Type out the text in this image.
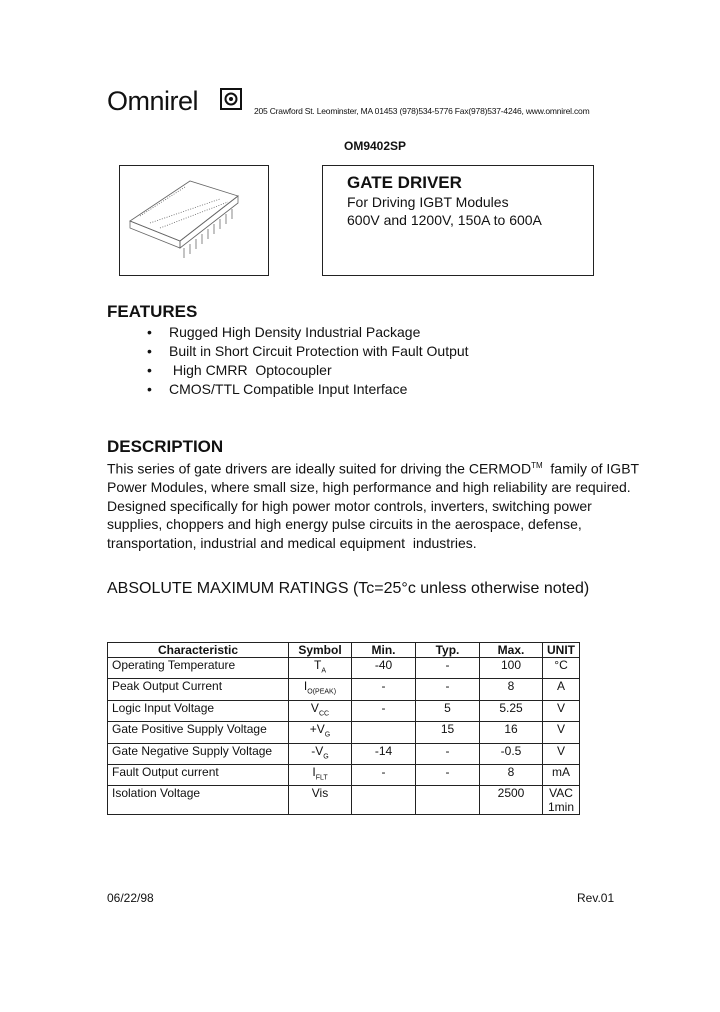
Omnirel	205 Crawford St. Leominster, MA 01453 (978)534-5776 Fax(978)537-4246, www.omnirel.com
OM9402SP
GATE DRIVER
For Driving IGBT Modules
600V and 1200V, 150A to 600A
FEATURES
• Rugged High Density Industrial Package
• Built in Short Circuit Protection with Fault Output
• High CMRR  Optocoupler
• CMOS/TTL Compatible Input Interface
DESCRIPTION
This series of gate drivers are ideally suited for driving the CERMOD™  family of IGBT Power Modules, where small size, high performance and high reliability are required.  Designed specifically for high power motor controls, inverters, switching power supplies, choppers and high energy pulse circuits in the aerospace, defense, transportation, industrial and medical equipment  industries.
ABSOLUTE MAXIMUM RATINGS (Tc=25°c unless otherwise noted)
Characteristic	Symbol	Min.	Typ.	Max.	UNIT
Operating Temperature	$T_A$	-40	-	100	°C
Peak Output Current	$I_{O(PEAK)}$	-	-	8	A
Logic Input Voltage	$V_{CC}$	-	5	5.25	V
Gate Positive Supply Voltage	$+V_G$		15	16	V
Gate Negative Supply Voltage	$-V_G$	-14	-	-0.5	V
Fault Output current	$I_{FLT}$	-	-	8	mA
Isolation Voltage	Vis			2500	VAC 1min
06/22/98	Rev.01
